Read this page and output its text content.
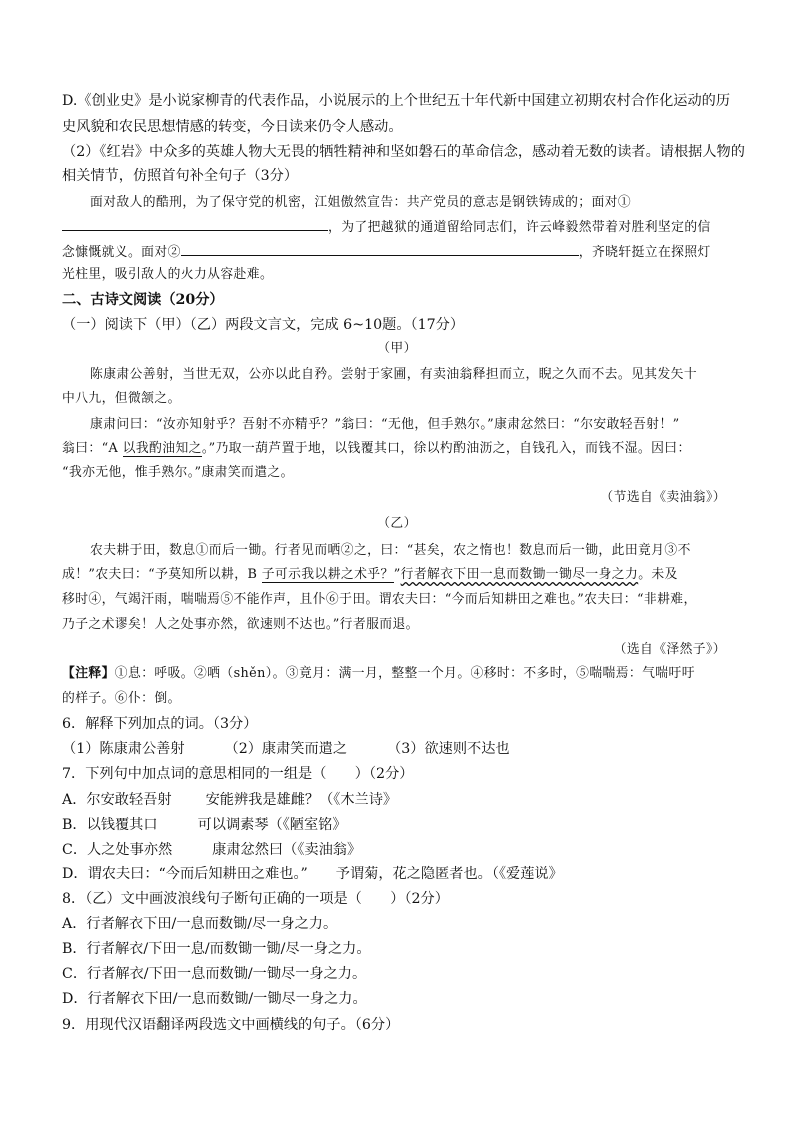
D.《创业史》是小说家柳青的代表作品，小说展示的上个世纪五十年代新中国建立初期农村合作化运动的历
史风貌和农民思想情感的转变，今日读来仍令人感动。
（2）《红岩》中众多的英雄人物大无畏的牺牲精神和坚如磐石的革命信念，感动着无数的读者。请根据人物的
相关情节，仿照首句补全句子（3分）
面对敌人的酷刑，为了保守党的机密，江姐傲然宣告：共产党员的意志是钢铁铸成的；面对①
，为了把越狱的通道留给同志们，许云峰毅然带着对胜利坚定的信
念慷慨就义。面对②	，齐晓轩挺立在探照灯
光柱里，吸引敌人的火力从容赴难。
二、古诗文阅读（20分）
（一）阅读下（甲）（乙）两段文言文，完成 6~10题。（17分）
（甲）
陈康肃公善射，当世无双，公亦以此自矜。尝射于家圃，有卖油翁释担而立，睨之久而不去。见其发矢十
中八九，但微颔之。
康肃问曰：“汝亦知射乎？吾射不亦精乎？”翁曰：“无他，但手熟尔。”康肃忿然曰：“尔安敢轻吾射！”
翁曰：“A 以我酌油知之。”乃取一葫芦置于地，以钱覆其口，徐以杓酌油沥之，自钱孔入，而钱不湿。因曰：
“我亦无他，惟手熟尔。”康肃笑而遣之。
（节选自《卖油翁》）
（乙）
农夫耕于田，数息①而后一锄。行者见而哂②之，曰：“甚矣，农之惰也！数息而后一锄，此田竟月③不
成！”农夫曰：“予莫知所以耕，B 子可示我以耕之术乎？”行者解衣下田一息而数锄一锄尽一身之力。未及
移时④，气竭汗雨，喘喘焉⑤不能作声，且仆⑥于田。谓农夫曰：“今而后知耕田之难也。”农夫曰：“非耕难，
乃子之术谬矣！人之处事亦然，欲速则不达也。”行者服而退。
（选自《泽然子》）
【注释】①息：呼吸。②哂（shěn）。③竟月：满一月，整整一个月。④移时：不多时，⑤喘喘焉：气喘吁吁
的样子。⑥仆：倒。
6．解释下列加点的词。（3分）
（1）陈康肃公善射	（2）康肃笑而遣之	（3）欲速则不达也
7．下列句中加点词的意思相同的一组是（　　）（2分）
A．尔安敢轻吾射 安能辨我是雄雌？（《木兰诗》
B．以钱覆其口	可以调素琴（《陋室铭》
C．人之处事亦然	康肃忿然曰（《卖油翁》
D．谓农夫曰：“今而后知耕田之难也。” 予谓菊，花之隐匿者也。（《爱莲说》
8．（乙）文中画波浪线句子断句正确的一项是（　　）（2分）
A．行者解衣下田/一息而数锄/尽一身之力。
B．行者解衣/下田一息/而数锄一锄/尽一身之力。
C．行者解衣/下田一息而数锄/一锄尽一身之力。
D．行者解衣下田/一息而数锄/一锄尽一身之力。
9．用现代汉语翻译两段选文中画横线的句子。（6分）
